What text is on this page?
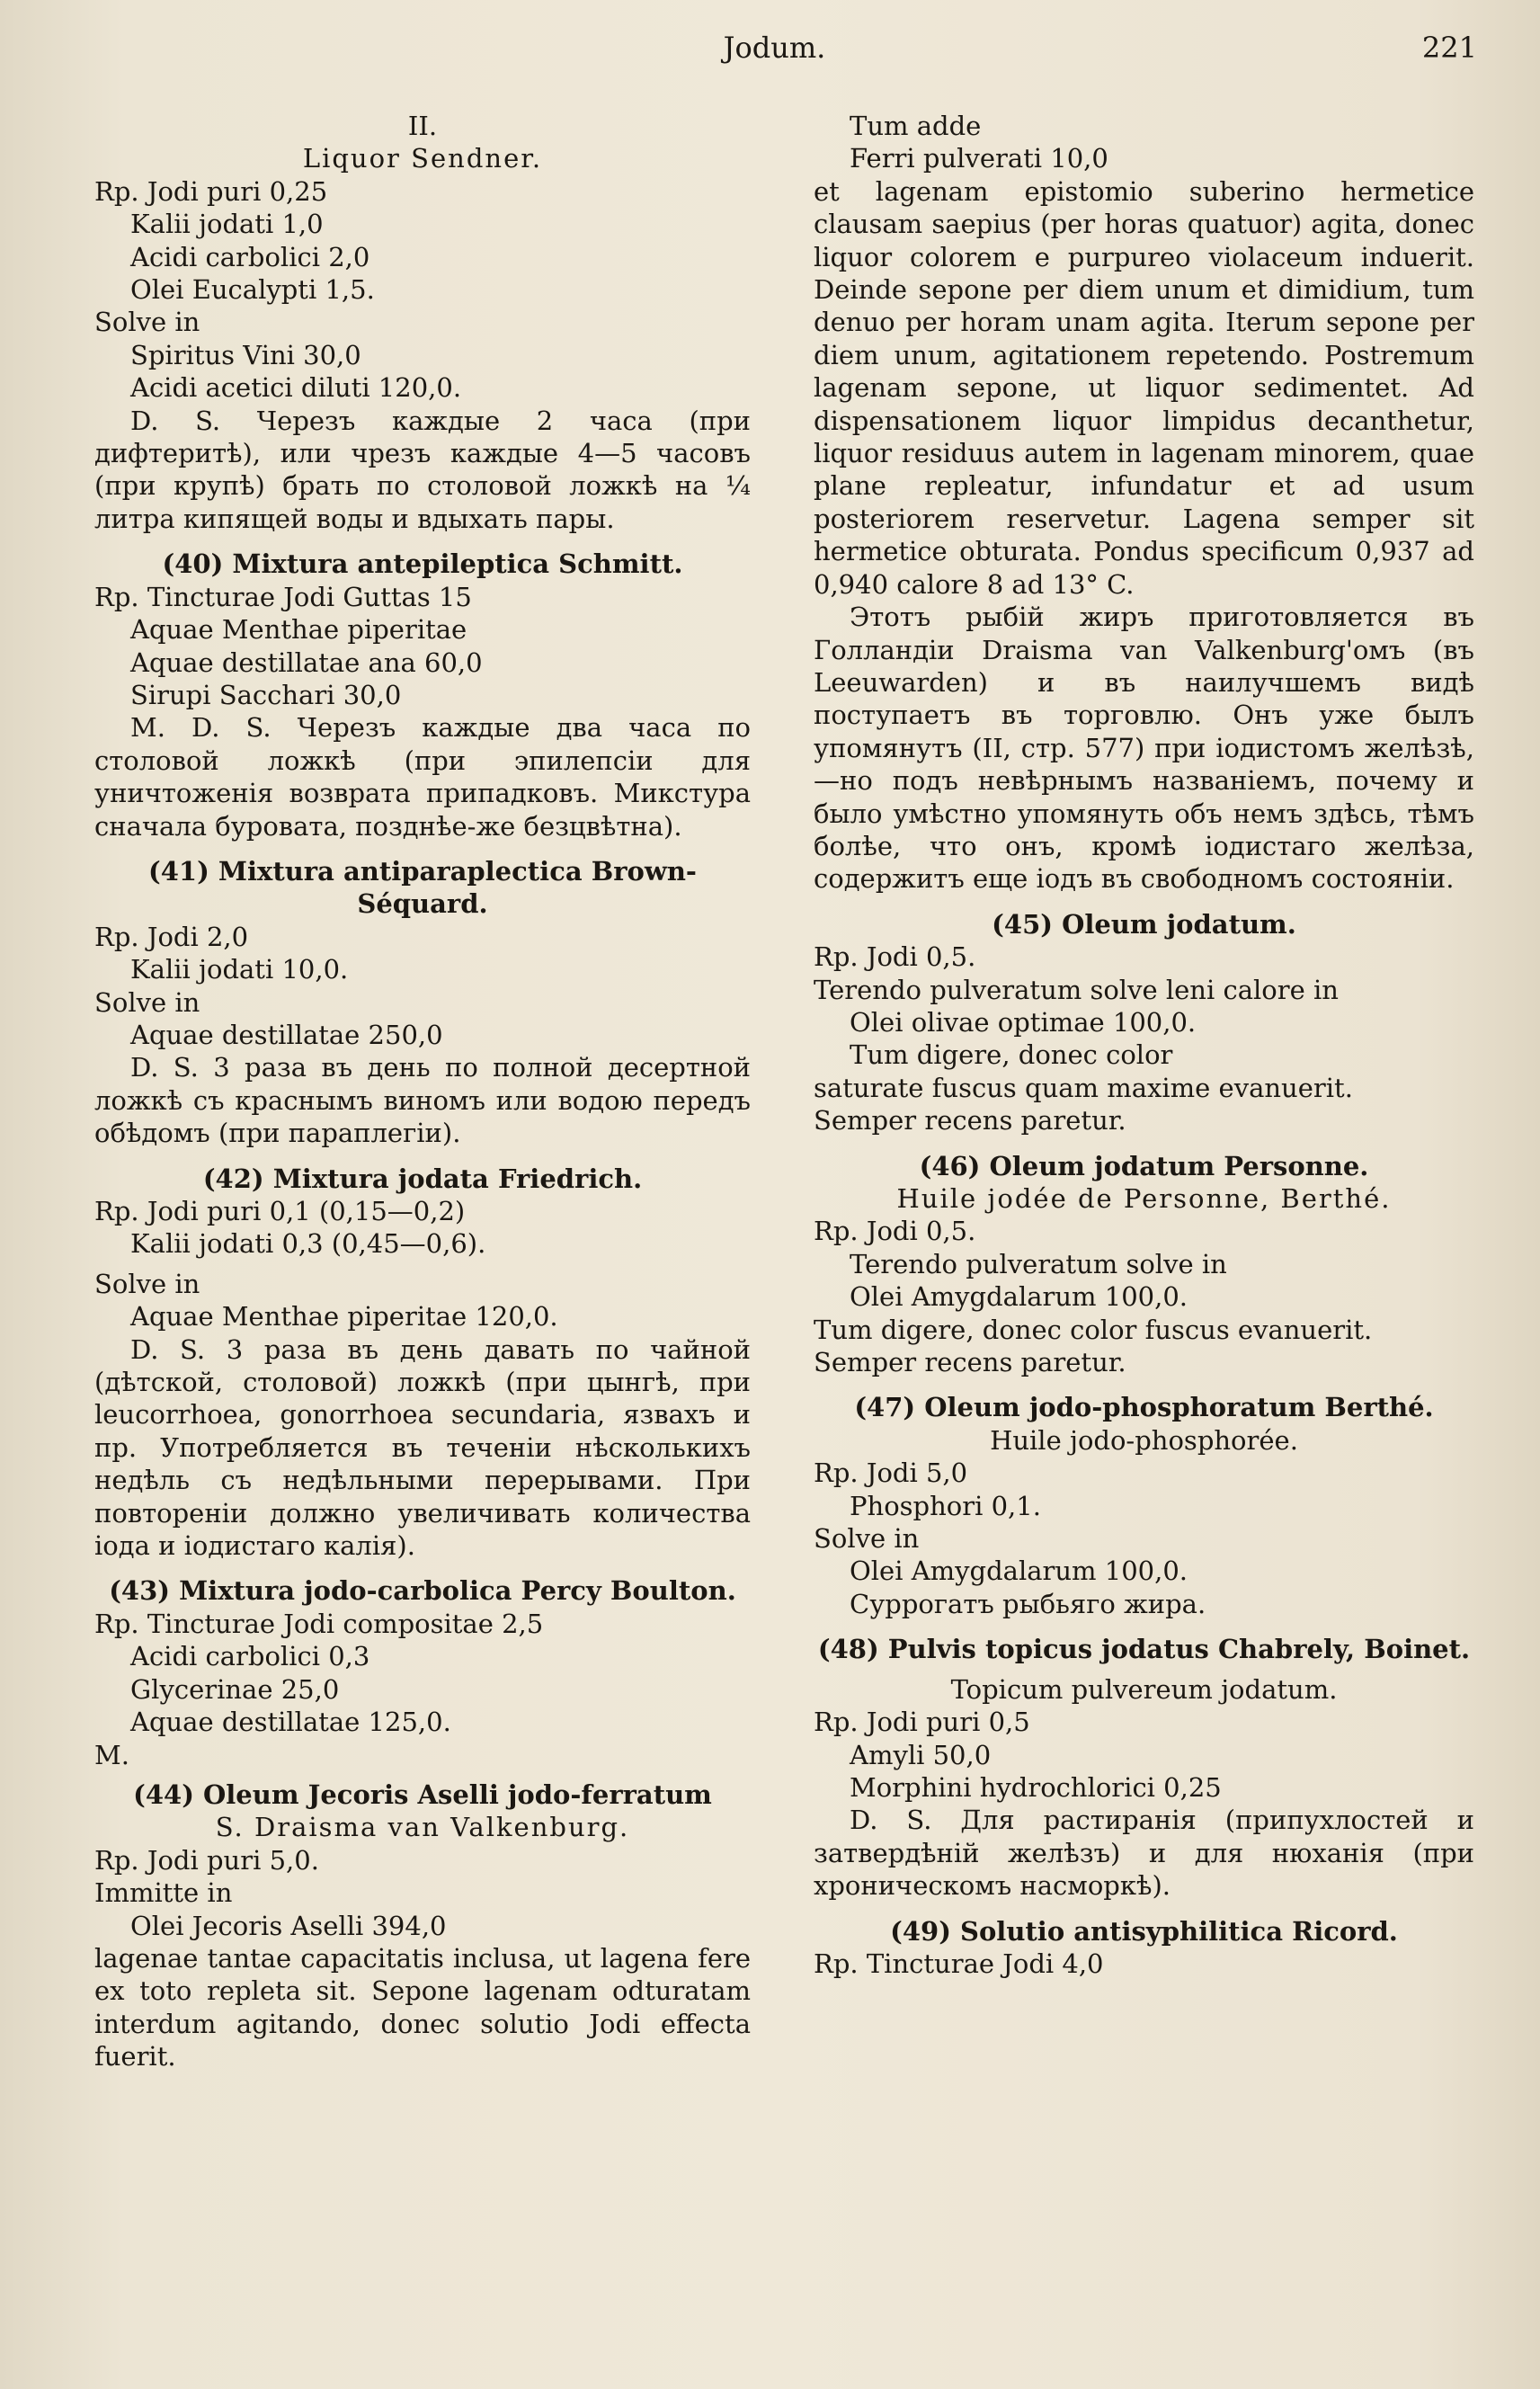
Jodum.	221

II.

Liquor Sendner.

Rp. Jodi puri 0,25

Kalii jodati 1,0

Acidi carbolici 2,0

Olei Eucalypti 1,5.

Solve in

Spiritus Vini 30,0

Acidi acetici diluti 120,0.

D. S. Черезъ каждые 2 часа (при дифтеритѣ), или чрезъ каждые 4—5 часовъ (при крупѣ) брать по столовой ложкѣ на ¼ литра кипящей воды и вдыхать пары.

(40) Mixtura antepileptica Schmitt.

Rp. Tincturae Jodi Guttas 15

Aquae Menthae piperitae

Aquae destillatae ana 60,0

Sirupi Sacchari 30,0

M. D. S. Черезъ каждые два часа по столовой ложкѣ (при эпилепсіи для уничтоженія возврата припадковъ. Микстура сначала буровата, позднѣе-же безцвѣтна).

(41) Mixtura antiparaplectica Brown-Séquard.

Rp. Jodi 2,0

Kalii jodati 10,0.

Solve in

Aquae destillatae 250,0

D. S. 3 раза въ день по полной десертной ложкѣ съ краснымъ виномъ или водою передъ обѣдомъ (при параплегіи).

(42) Mixtura jodata Friedrich.

Rp. Jodi puri 0,1 (0,15—0,2)

Kalii jodati 0,3 (0,45—0,6).

Solve in

Aquae Menthae piperitae 120,0.

D. S. 3 раза въ день давать по чайной (дѣтской, столовой) ложкѣ (при цынгѣ, при leucorrhoea, gonorrhoea secundaria, язвахъ и пр. Употребляется въ теченіи нѣсколькихъ недѣль съ недѣльными перерывами. При повтореніи должно увеличивать количества іода и іодистаго калія).

(43) Mixtura jodo-carbolica Percy Boulton.

Rp. Tincturae Jodi compositae 2,5

Acidi carbolici 0,3

Glycerinae 25,0

Aquae destillatae 125,0.

M.

(44) Oleum Jecoris Aselli jodo-ferratum

S. Draisma van Valkenburg.

Rp. Jodi puri 5,0.

Immitte in

Olei Jecoris Aselli 394,0

lagenae tantae capacitatis inclusa, ut lagena fere ex toto repleta sit. Sepone lagenam odturatam interdum agitando, donec solutio Jodi effecta fuerit.

Tum adde

Ferri pulverati 10,0

et lagenam epistomio suberino hermetice clausam saepius (per horas quatuor) agita, donec liquor colorem e purpureo violaceum induerit. Deinde sepone per diem unum et dimidium, tum denuo per horam unam agita. Iterum sepone per diem unum, agitationem repetendo. Postremum lagenam sepone, ut liquor sedimentet. Ad dispensationem liquor limpidus decanthetur, liquor residuus autem in lagenam minorem, quae plane repleatur, infundatur et ad usum posteriorem reservetur. Lagena semper sit hermetice obturata. Pondus specificum 0,937 ad 0,940 calore 8 ad 13° C.

Этотъ рыбій жиръ приготовляется въ Голландіи Draisma van Valkenburg'омъ (въ Leeuwarden) и въ наилучшемъ видѣ поступаетъ въ торговлю. Онъ уже былъ упомянутъ (II, стр. 577) при іодистомъ желѣзѣ,—но подъ невѣрнымъ названіемъ, почему и было умѣстно упомянуть объ немъ здѣсь, тѣмъ болѣе, что онъ, кромѣ іодистаго желѣза, содержитъ еще іодъ въ свободномъ состояніи.

(45) Oleum jodatum.

Rp. Jodi 0,5.

Terendo pulveratum solve leni calore in

Olei olivae optimae 100,0.

Tum digere, donec color

saturate fuscus quam maxime evanuerit.

Semper recens paretur.

(46) Oleum jodatum Personne.

Huile jodée de Personne, Berthé.

Rp. Jodi 0,5.

Terendo pulveratum solve in

Olei Amygdalarum 100,0.

Tum digere, donec color fuscus evanuerit.

Semper recens paretur.

(47) Oleum jodo-phosphoratum Berthé.

Huile jodo-phosphorée.

Rp. Jodi 5,0

Phosphori 0,1.

Solve in

Olei Amygdalarum 100,0.

Суррогатъ рыбьяго жира.

(48) Pulvis topicus jodatus Chabrely, Boinet.

Topicum pulvereum jodatum.

Rp. Jodi puri 0,5

Amyli 50,0

Morphini hydrochlorici 0,25

D. S. Для растиранія (припухлостей и затвердѣній желѣзъ) и для нюханія (при хроническомъ насморкѣ).

(49) Solutio antisyphilitica Ricord.

Rp. Tincturae Jodi 4,0
